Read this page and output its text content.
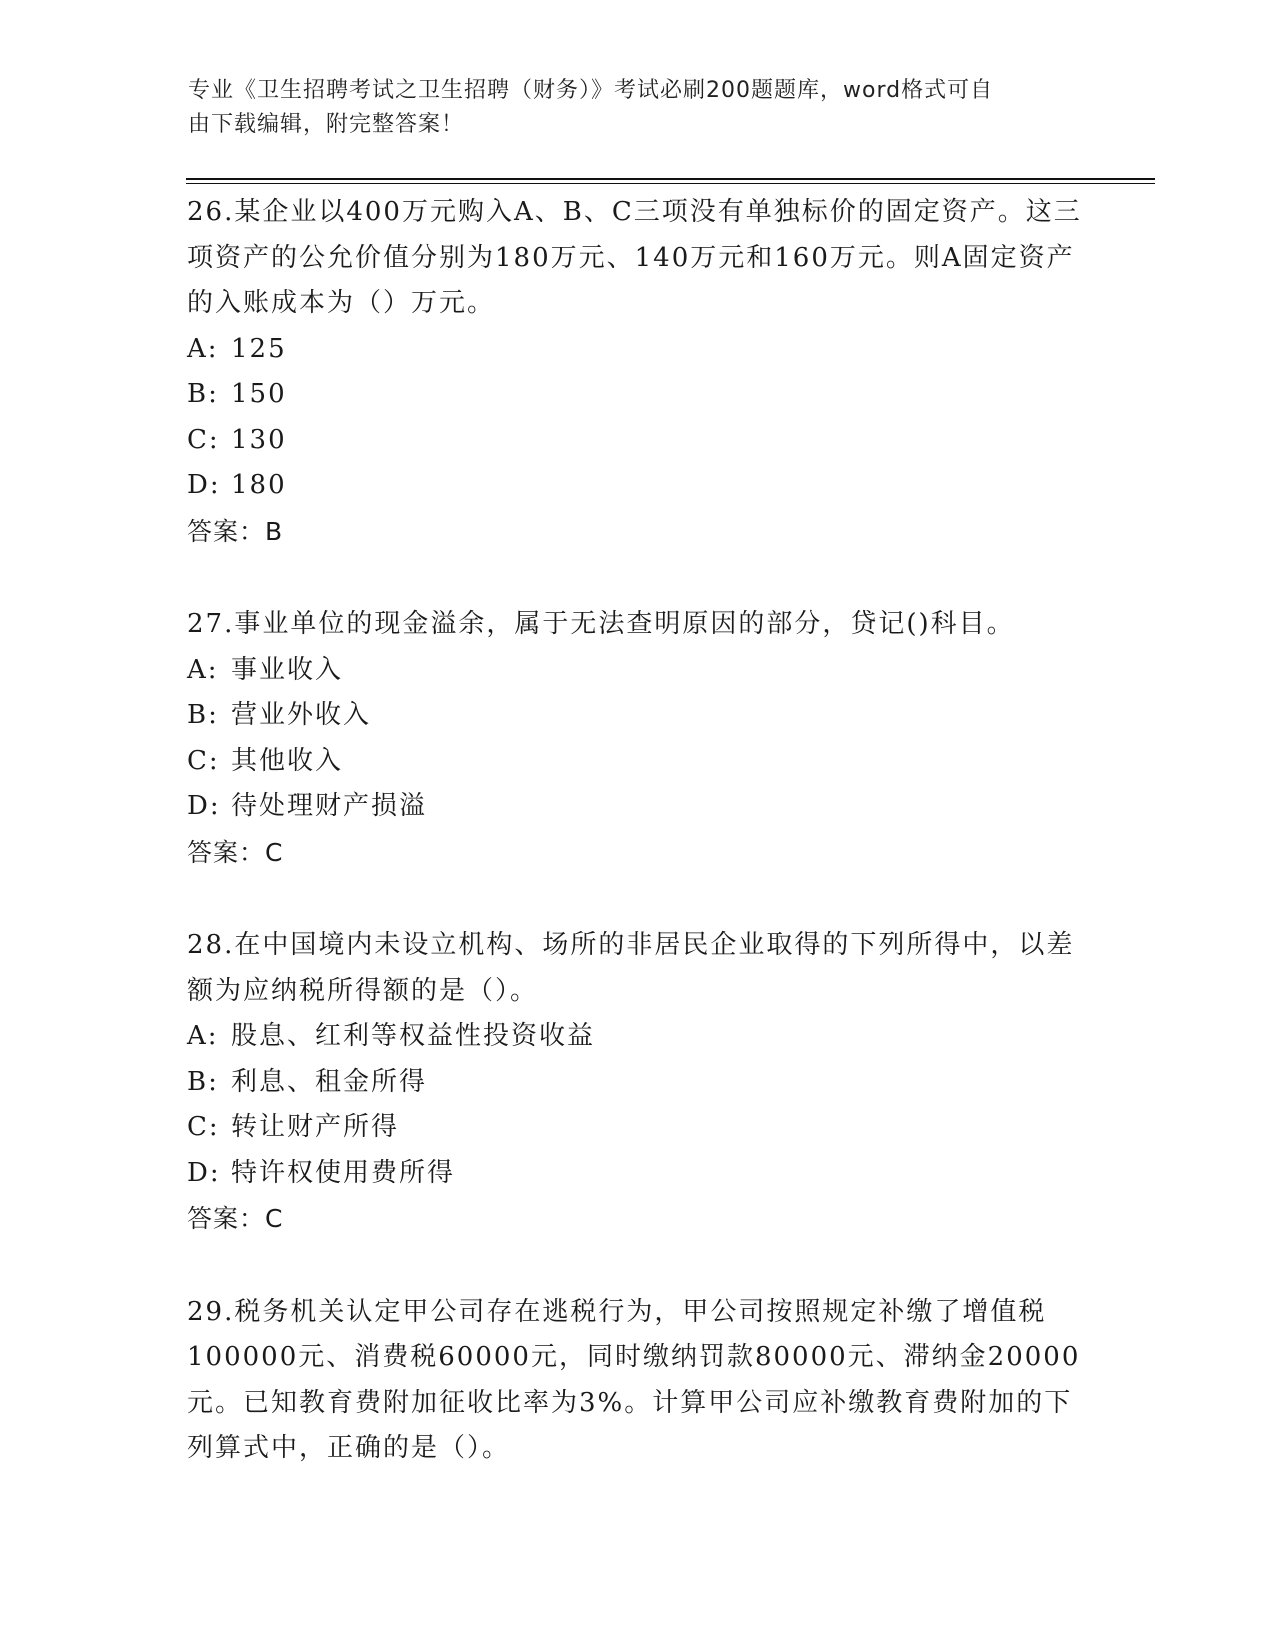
专业《卫生招聘考试之卫生招聘（财务）》考试必刷200题题库，word格式可自
由下载编辑，附完整答案！

26.某企业以400万元购入A、B、C三项没有单独标价的固定资产。这三项资产的公允价值分别为180万元、140万元和160万元。则A固定资产的入账成本为（）万元。

A: 125

B: 150

C: 130

D: 180

答案：B

27.事业单位的现金溢余，属于无法查明原因的部分，贷记()科目。

A: 事业收入

B: 营业外收入

C: 其他收入

D: 待处理财产损溢

答案：C

28.在中国境内未设立机构、场所的非居民企业取得的下列所得中，以差额为应纳税所得额的是（）。

A: 股息、红利等权益性投资收益

B: 利息、租金所得

C: 转让财产所得

D: 特许权使用费所得

答案：C

29.税务机关认定甲公司存在逃税行为，甲公司按照规定补缴了增值税100000元、消费税60000元，同时缴纳罚款80000元、滞纳金20000元。已知教育费附加征收比率为3%。计算甲公司应补缴教育费附加的下列算式中，正确的是（）。
